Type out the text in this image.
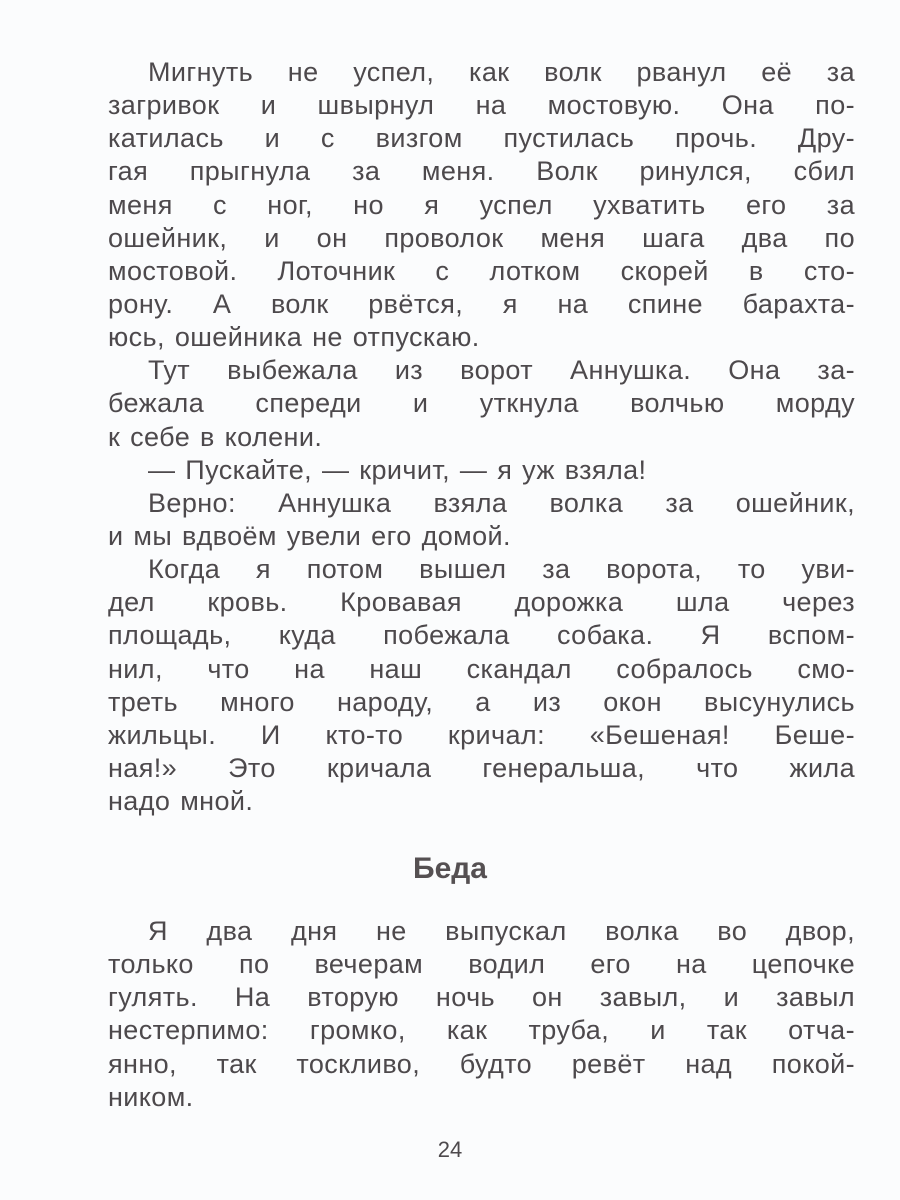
Мигнуть не успел, как волк рванул её за
загривок и швырнул на мостовую. Она по-
катилась и с визгом пустилась прочь. Дру-
гая прыгнула за меня. Волк ринулся, сбил
меня с ног, но я успел ухватить его за
ошейник, и он проволок меня шага два по
мостовой. Лоточник с лотком скорей в сто-
рону. А волк рвётся, я на спине барахта-
юсь, ошейника не отпускаю.
Тут выбежала из ворот Аннушка. Она за-
бежала спереди и уткнула волчью морду
к себе в колени.
— Пускайте, — кричит, — я уж взяла!
Верно: Аннушка взяла волка за ошейник,
и мы вдвоём увели его домой.
Когда я потом вышел за ворота, то уви-
дел кровь. Кровавая дорожка шла через
площадь, куда побежала собака. Я вспом-
нил, что на наш скандал собралось смо-
треть много народу, а из окон высунулись
жильцы. И кто-то кричал: «Бешеная! Беше-
ная!» Это кричала генеральша, что жила
надо мной.
Беда
Я два дня не выпускал волка во двор,
только по вечерам водил его на цепочке
гулять. На вторую ночь он завыл, и завыл
нестерпимо: громко, как труба, и так отча-
янно, так тоскливо, будто ревёт над покой-
ником.
24
